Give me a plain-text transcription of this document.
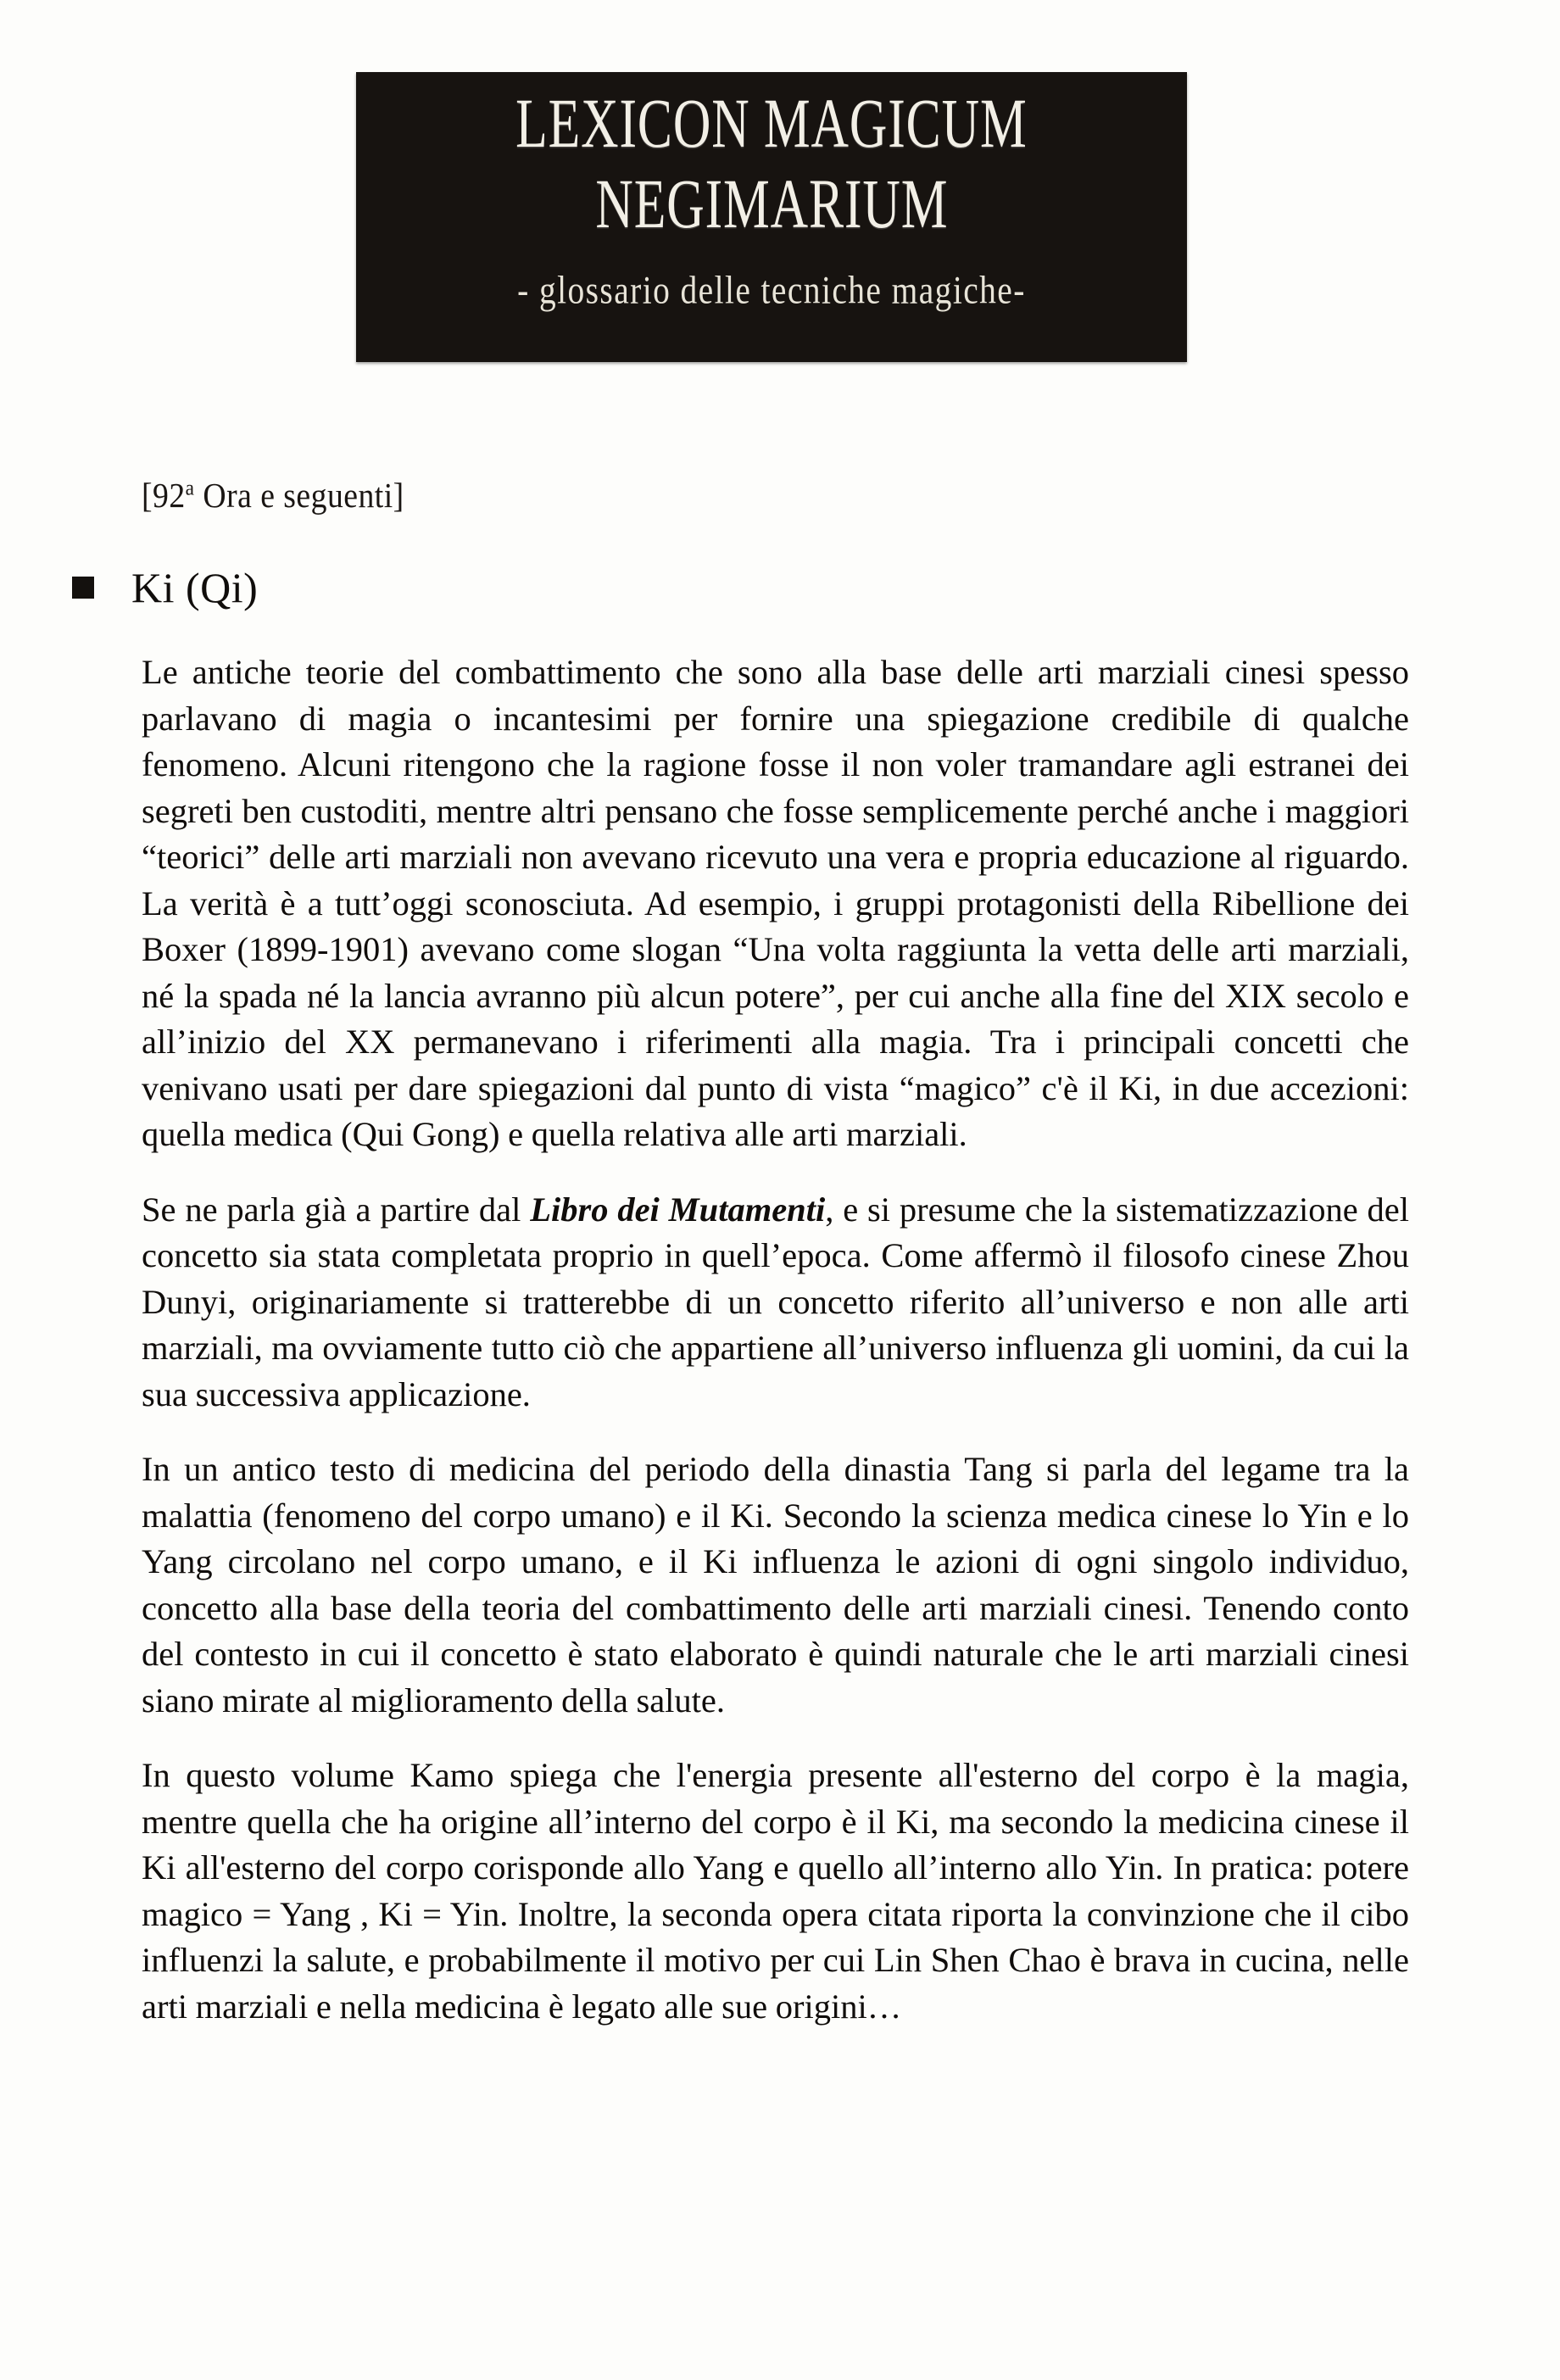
LEXICON MAGICUM
NEGIMARIUM
- glossario delle tecniche magiche-
[92$^a$ Ora e seguenti]
Ki (Qi)

Le antiche teorie del combattimento che sono alla base delle arti marziali cinesi spesso parlavano di magia o incantesimi per fornire una spiegazione credibile di qualche fenomeno. Alcuni ritengono che la ragione fosse il non voler tramandare agli estranei dei segreti ben custoditi, mentre altri pensano che fosse semplicemente perché anche i maggiori “teorici” delle arti marziali non avevano ricevuto una vera e propria educazione al riguardo. La verità è a tutt’oggi sconosciuta. Ad esempio, i gruppi protagonisti della Ribellione dei Boxer (1899-1901) avevano come slogan “Una volta raggiunta la vetta delle arti marziali, né la spada né la lancia avranno più alcun potere”, per cui anche alla fine del XIX secolo e all’inizio del XX permanevano i riferimenti alla magia. Tra i principali concetti che venivano usati per dare spiegazioni dal punto di vista “magico” c'è il Ki, in due accezioni: quella medica (Qui Gong) e quella relativa alle arti marziali.

Se ne parla già a partire dal Libro dei Mutamenti, e si presume che la sistematizzazione del concetto sia stata completata proprio in quell’epoca. Come affermò il filosofo cinese Zhou Dunyi, originariamente si tratterebbe di un concetto riferito all’universo e non alle arti marziali, ma ovviamente tutto ciò che appartiene all’universo influenza gli uomini, da cui la sua successiva applicazione.

In un antico testo di medicina del periodo della dinastia Tang si parla del legame tra la malattia (fenomeno del corpo umano) e il Ki. Secondo la scienza medica cinese lo Yin e lo Yang circolano nel corpo umano, e il Ki influenza le azioni di ogni singolo individuo, concetto alla base della teoria del combattimento delle arti marziali cinesi. Tenendo conto del contesto in cui il concetto è stato elaborato è quindi naturale che le arti marziali cinesi siano mirate al miglioramento della salute.

In questo volume Kamo spiega che l'energia presente all'esterno del corpo è la magia, mentre quella che ha origine all’interno del corpo è il Ki, ma secondo la medicina cinese il Ki all'esterno del corpo corisponde allo Yang e quello all’interno allo Yin. In pratica: potere magico = Yang , Ki = Yin. Inoltre, la seconda opera citata riporta la convinzione che il cibo influenzi la salute, e probabilmente il motivo per cui Lin Shen Chao è brava in cucina, nelle arti marziali e nella medicina è legato alle sue origini…
